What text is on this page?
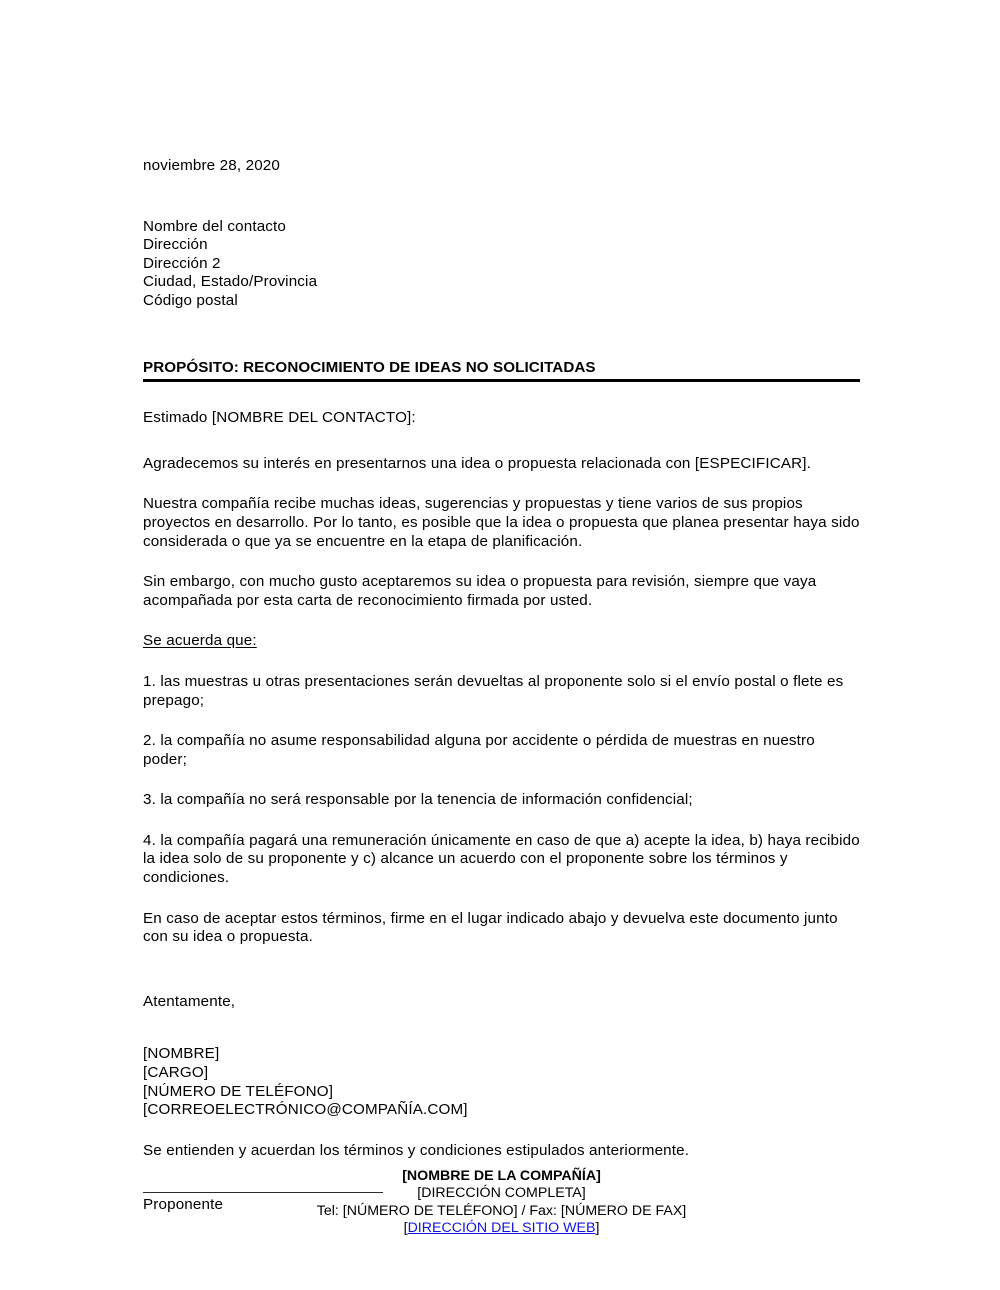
noviembre 28, 2020
Nombre del contacto
Dirección
Dirección 2
Ciudad, Estado/Provincia
Código postal
PROPÓSITO: RECONOCIMIENTO DE IDEAS NO SOLICITADAS
Estimado [NOMBRE DEL CONTACTO]:
Agradecemos su interés en presentarnos una idea o propuesta relacionada con [ESPECIFICAR].
Nuestra compañía recibe muchas ideas, sugerencias y propuestas y tiene varios de sus propios proyectos en desarrollo. Por lo tanto, es posible que la idea o propuesta que planea presentar haya sido considerada o que ya se encuentre en la etapa de planificación.
Sin embargo, con mucho gusto aceptaremos su idea o propuesta para revisión, siempre que vaya acompañada por esta carta de reconocimiento firmada por usted.
Se acuerda que:
1. las muestras u otras presentaciones serán devueltas al proponente solo si el envío postal o flete es prepago;
2. la compañía no asume responsabilidad alguna por accidente o pérdida de muestras en nuestro poder;
3. la compañía no será responsable por la tenencia de información confidencial;
4. la compañía pagará una remuneración únicamente en caso de que a) acepte la idea, b) haya recibido la idea solo de su proponente y c) alcance un acuerdo con el proponente sobre los términos y condiciones.
En caso de aceptar estos términos, firme en el lugar indicado abajo y devuelva este documento junto con su idea o propuesta.
Atentamente,
[NOMBRE]
[CARGO]
[NÚMERO DE TELÉFONO]
[CORREOELECTRÓNICO@COMPAÑÍA.COM]
Se entienden y acuerdan los términos y condiciones estipulados anteriormente.
Proponente
[NOMBRE DE LA COMPAÑÍA]
[DIRECCIÓN COMPLETA]
Tel: [NÚMERO DE TELÉFONO] / Fax: [NÚMERO DE FAX]
[DIRECCIÓN DEL SITIO WEB]
